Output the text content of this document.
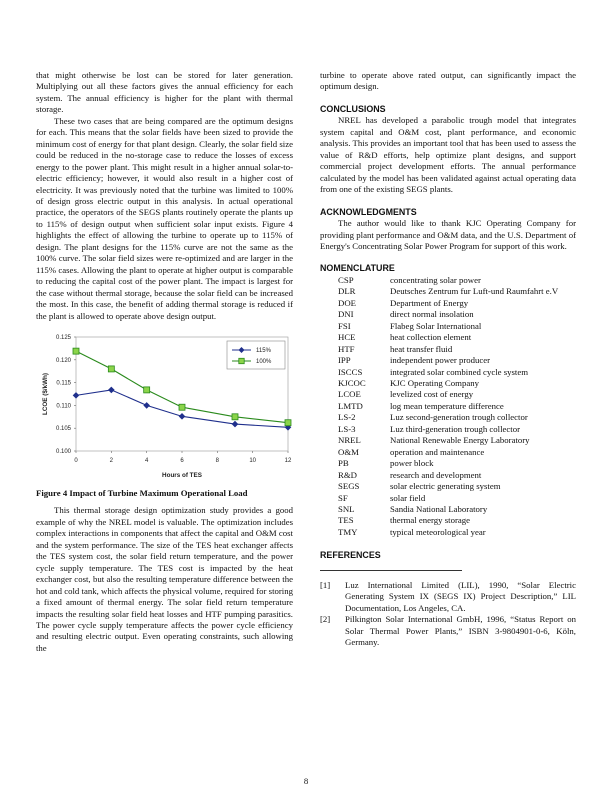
that might otherwise be lost can be stored for later generation. Multiplying out all these factors gives the annual efficiency for each system. The annual efficiency is higher for the plant with thermal storage.

These two cases that are being compared are the optimum designs for each. This means that the solar fields have been sized to provide the minimum cost of energy for that plant design. Clearly, the solar field size could be reduced in the no-storage case to reduce the losses of excess energy to the power plant. This might result in a higher annual solar-to-electric efficiency; however, it would also result in a higher cost of electricity. It was previously noted that the turbine was limited to 100% of design gross electric output in this analysis. In actual operational practice, the operators of the SEGS plants routinely operate the plants up to 115% of design output when sufficient solar input exists. Figure 4 highlights the effect of allowing the turbine to operate up to 115% of design. The plant designs for the 115% curve are not the same as the 100% curve. The solar field sizes were re-optimized and are larger in the 115% cases. Allowing the plant to operate at higher output is comparable to reducing the capital cost of the power plant. The impact is largest for the case without thermal storage, because the solar field can be increased the most. In this case, the benefit of adding thermal storage is reduced if the plant is allowed to operate above design output.

0.100
0.105
0.110
0.115
0.120
0.125
0	2	4	6	8	10	12
Hours of TES
LCOE ($/kWh)
115%
100%
Figure 4 Impact of Turbine Maximum Operational Load

This thermal storage design optimization study provides a good example of why the NREL model is valuable. The optimization includes complex interactions in components that affect the capital and O&M cost and the system performance. The size of the TES heat exchanger affects the TES system cost, the solar field return temperature, and the power cycle supply temperature. The TES cost is impacted by the heat exchanger cost, but also the resulting temperature difference between the hot and cold tank, which affects the physical volume, required for storing a fixed amount of thermal energy. The solar field return temperature impacts the resulting solar field heat losses and HTF pumping parasitics. The power cycle supply temperature affects the power cycle efficiency and resulting electric output. Even operating constraints, such allowing the

turbine to operate above rated output, can significantly impact the optimum design.

CONCLUSIONS

NREL has developed a parabolic trough model that integrates system capital and O&M cost, plant performance, and economic analysis. This provides an important tool that has been used to assess the value of R&D efforts, help optimize plant designs, and support commercial project development efforts. The annual performance calculated by the model has been validated against actual operating data from one of the existing SEGS plants.

ACKNOWLEDGMENTS

The author would like to thank KJC Operating Company for providing plant performance and O&M data, and the U.S. Department of Energy's Concentrating Solar Power Program for support of this work.

NOMENCLATURE
CSP	concentrating solar power
DLR	Deutsches Zentrum fur Luft-und Raumfahrt e.V
DOE	Department of Energy
DNI	direct normal insolation
FSI	Flabeg Solar International
HCE	heat collection element
HTF	heat transfer fluid
IPP	independent power producer
ISCCS	integrated solar combined cycle system
KJCOC	KJC Operating Company
LCOE	levelized cost of energy
LMTD	log mean temperature difference
LS-2	Luz second-generation trough collector
LS-3	Luz third-generation trough collector
NREL	National Renewable Energy Laboratory
O&M	operation and maintenance
PB	power block
R&D	research and development
SEGS	solar electric generating system
SF	solar field
SNL	Sandia National Laboratory
TES	thermal energy storage
TMY	typical meteorological year
REFERENCES
[1] Luz International Limited (LIL), 1990, “Solar Electric Generating System IX (SEGS IX) Project Description,” LIL Documentation, Los Angeles, CA.
[2] Pilkington Solar International GmbH, 1996, “Status Report on Solar Thermal Power Plants,” ISBN 3-9804901-0-6, Köln, Germany.
8
